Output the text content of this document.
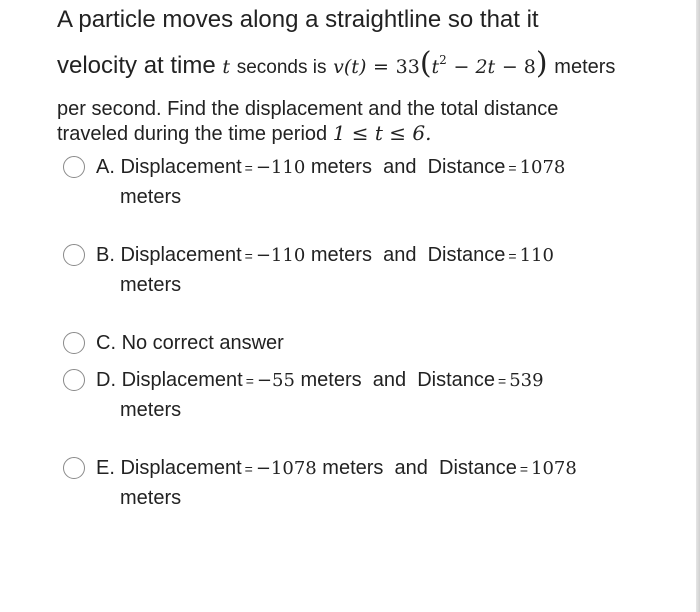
A particle moves along a straightline so that it
velocity at time t seconds is $v(t) = 33(t^2 - 2t - 8)$ meters
per second. Find the displacement and the total distance
traveled during the time period 1 ≤ t ≤ 6.
A. Displacement = −110 meters  and  Distance = 1078
meters
B. Displacement = −110 meters  and  Distance = 110
meters
C. No correct answer
D. Displacement = −55 meters  and  Distance = 539
meters
E. Displacement = −1078 meters  and  Distance = 1078
meters
